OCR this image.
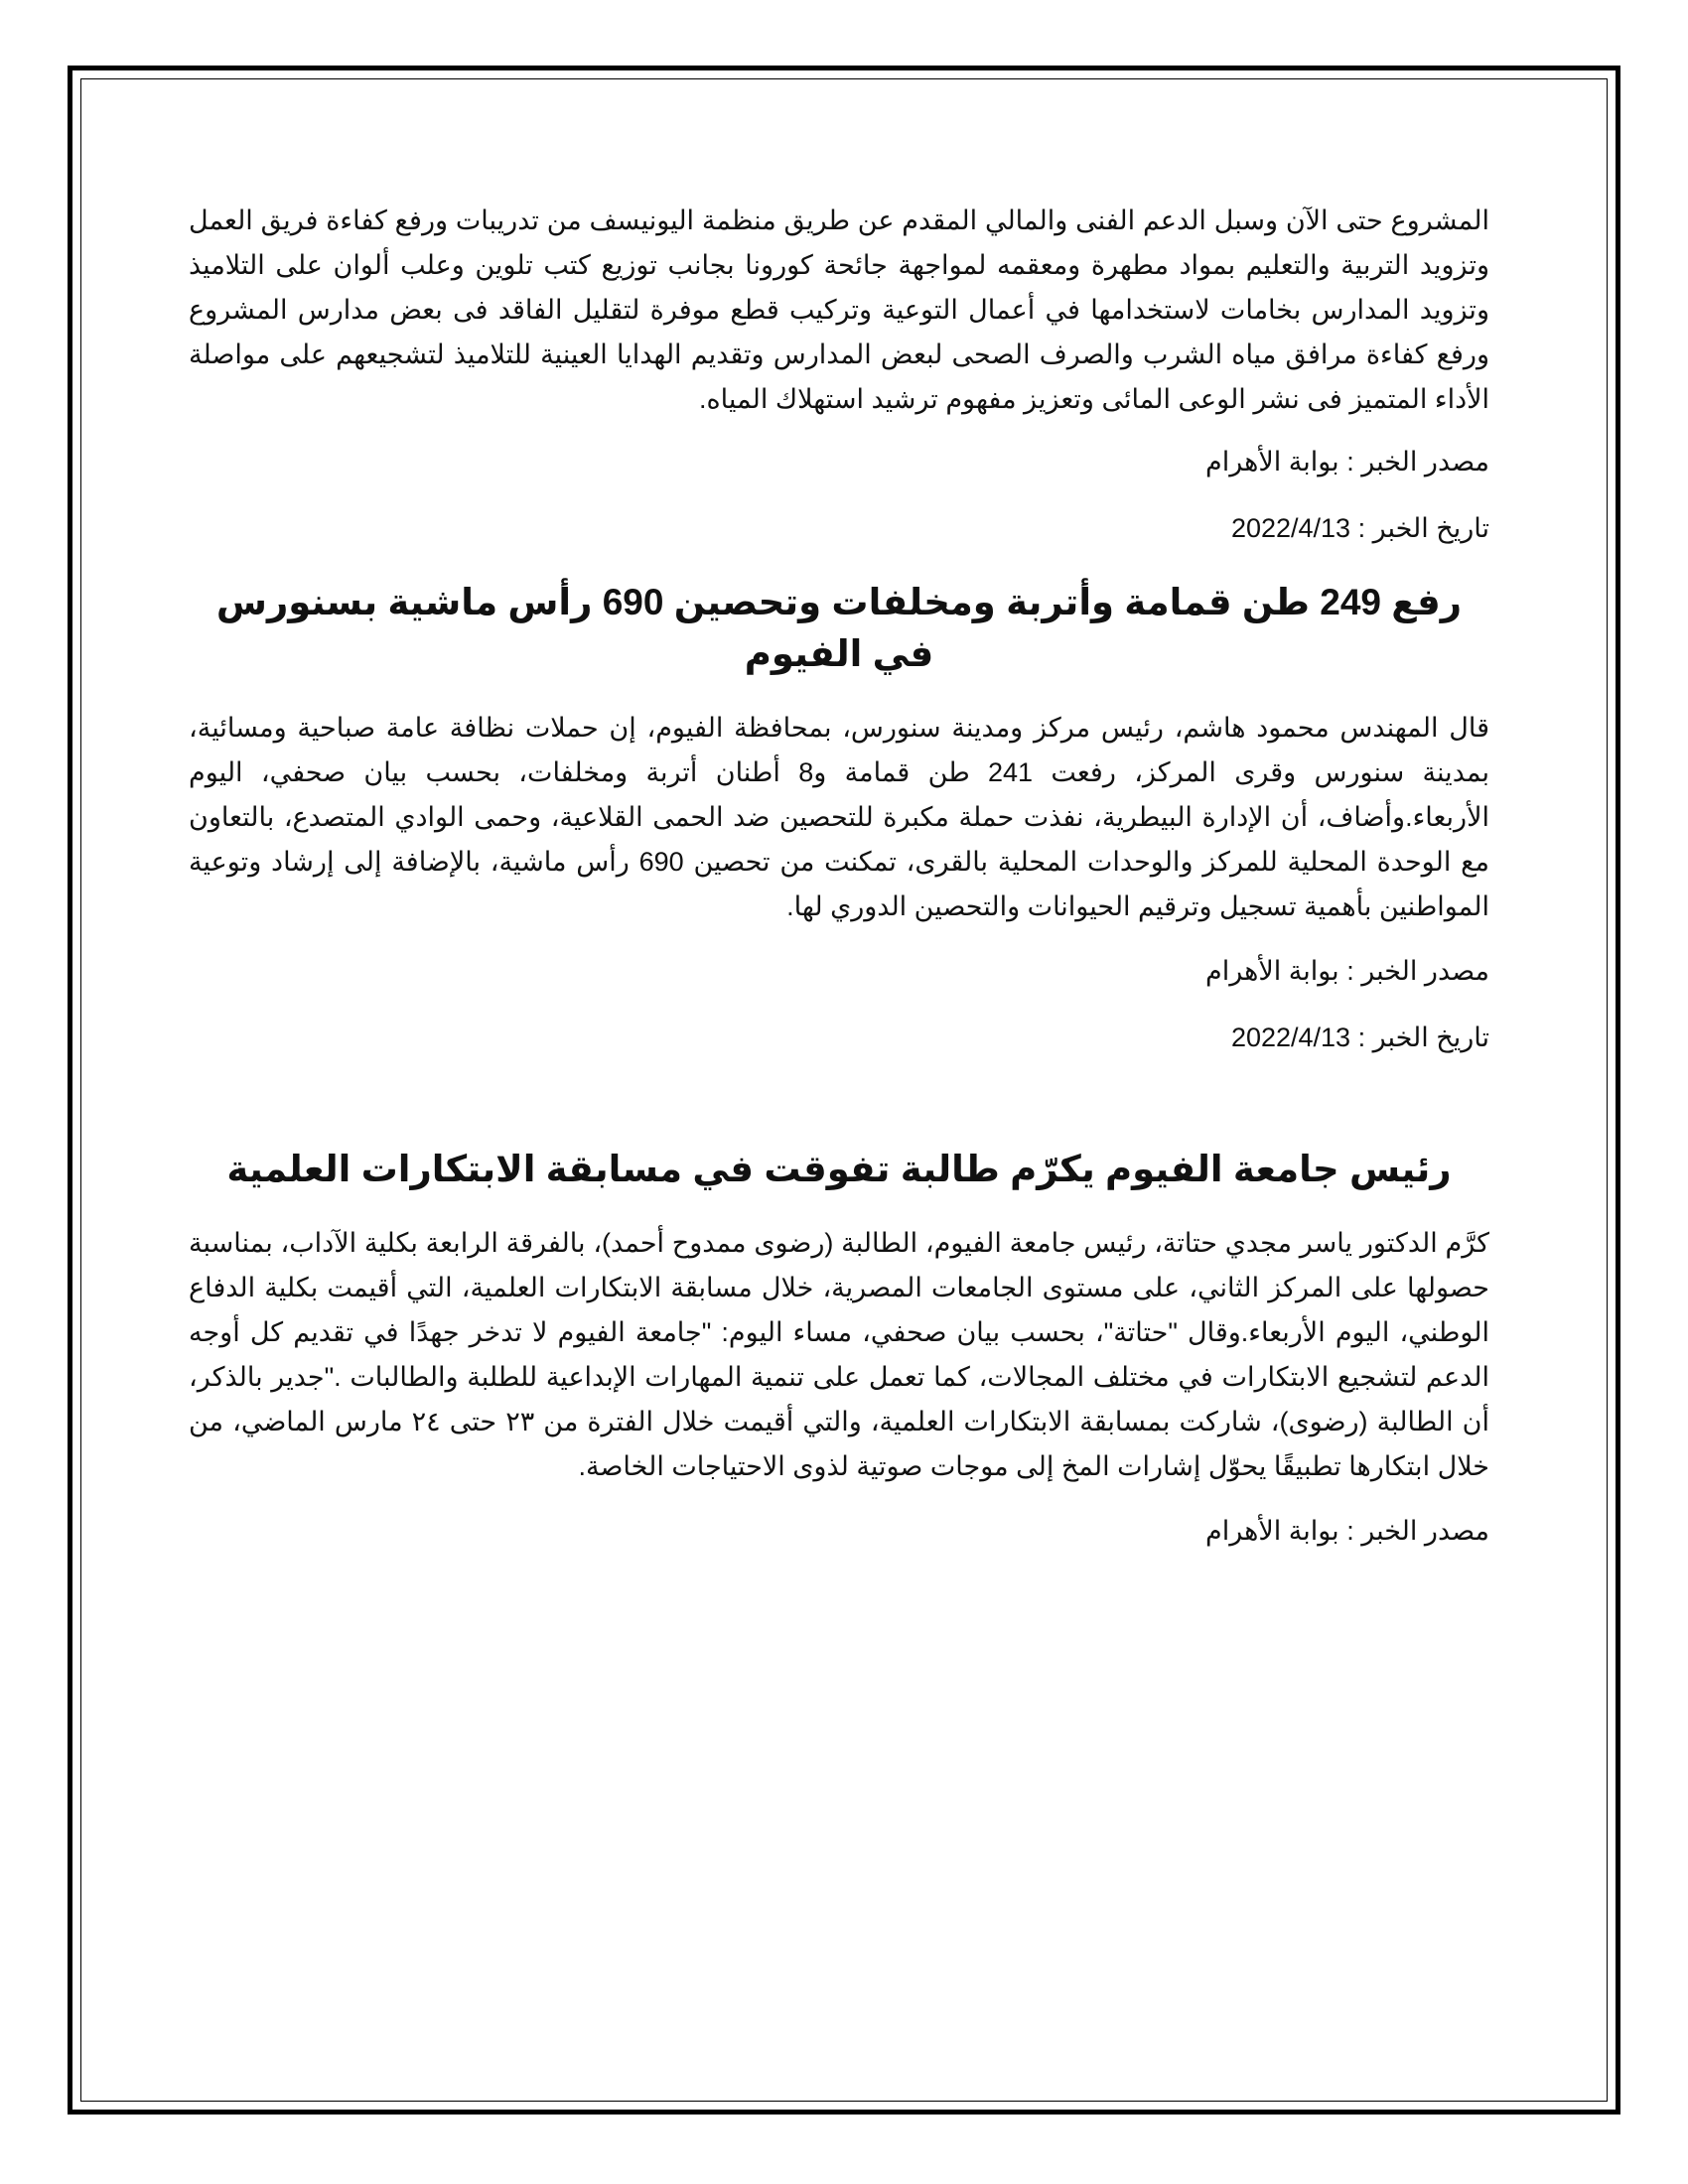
المشروع حتى الآن وسبل الدعم الفنى والمالي المقدم عن طريق منظمة اليونيسف من تدريبات ورفع كفاءة فريق العمل وتزويد التربية والتعليم بمواد مطهرة ومعقمه لمواجهة جائحة كورونا بجانب توزيع كتب تلوين وعلب ألوان على التلاميذ وتزويد المدارس بخامات لاستخدامها في أعمال التوعية وتركيب قطع موفرة لتقليل الفاقد فى بعض مدارس المشروع ورفع كفاءة مرافق مياه الشرب والصرف الصحى لبعض المدارس وتقديم الهدايا العينية للتلاميذ لتشجيعهم على مواصلة الأداء المتميز فى نشر الوعى المائى وتعزيز مفهوم ترشيد استهلاك المياه.

مصدر الخبر : بوابة الأهرام

تاريخ الخبر : 2022/4/13

رفع 249 طن قمامة وأتربة ومخلفات وتحصين 690 رأس ماشية بسنورس في الفيوم

قال المهندس محمود هاشم، رئيس مركز ومدينة سنورس، بمحافظة الفيوم، إن حملات نظافة عامة صباحية ومسائية، بمدينة سنورس وقرى المركز، رفعت 241 طن قمامة و8 أطنان أتربة ومخلفات، بحسب بيان صحفي، اليوم الأربعاء.وأضاف، أن الإدارة البيطرية، نفذت حملة مكبرة للتحصين ضد الحمى القلاعية، وحمى الوادي المتصدع، بالتعاون مع الوحدة المحلية للمركز والوحدات المحلية بالقرى، تمكنت من تحصين 690 رأس ماشية، بالإضافة إلى إرشاد وتوعية المواطنين بأهمية تسجيل وترقيم الحيوانات والتحصين الدوري لها.

مصدر الخبر : بوابة الأهرام

تاريخ الخبر : 2022/4/13

رئيس جامعة الفيوم يكرّم طالبة تفوقت في مسابقة الابتكارات العلمية

كرَّم الدكتور ياسر مجدي حتاتة، رئيس جامعة الفيوم، الطالبة (رضوى ممدوح أحمد)، بالفرقة الرابعة بكلية الآداب، بمناسبة حصولها على المركز الثاني، على مستوى الجامعات المصرية، خلال مسابقة الابتكارات العلمية، التي أقيمت بكلية الدفاع الوطني، اليوم الأربعاء.وقال "حتاتة"، بحسب بيان صحفي، مساء اليوم: "جامعة الفيوم لا تدخر جهدًا في تقديم كل أوجه الدعم لتشجيع الابتكارات في مختلف المجالات، كما تعمل على تنمية المهارات الإبداعية للطلبة والطالبات ."جدير بالذكر، أن الطالبة (رضوى)، شاركت بمسابقة الابتكارات العلمية، والتي أقيمت خلال الفترة من ٢٣ حتى ٢٤ مارس الماضي، من خلال ابتكارها تطبيقًا يحوّل إشارات المخ إلى موجات صوتية لذوى الاحتياجات الخاصة.

مصدر الخبر : بوابة الأهرام
